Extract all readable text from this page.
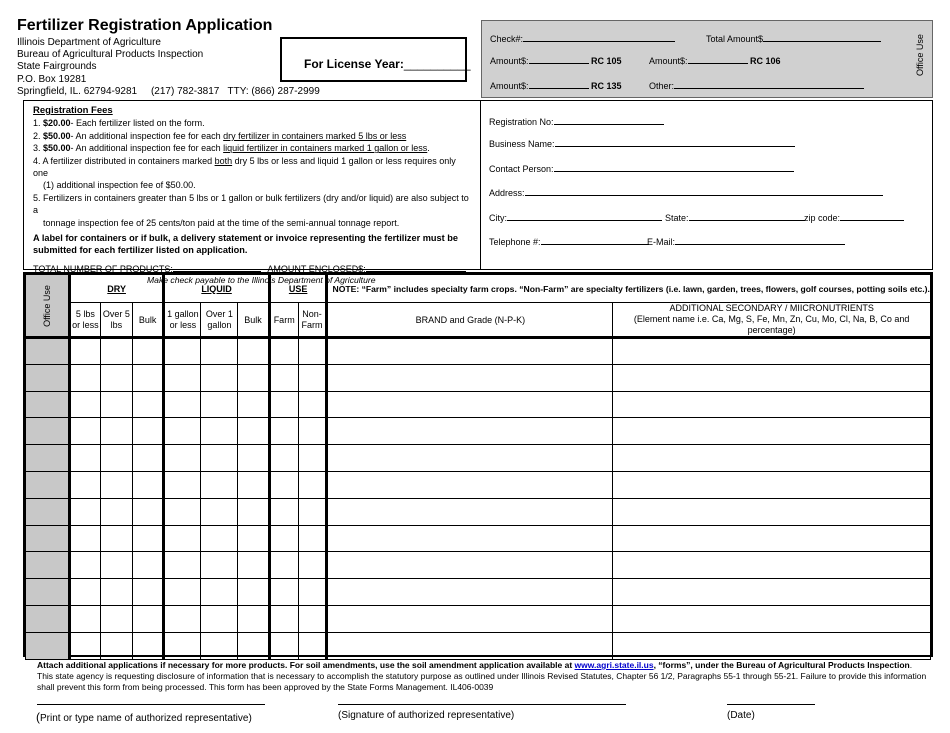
Fertilizer Registration Application
Illinois Department of Agriculture
Bureau of Agricultural Products Inspection
State Fairgrounds
P.O. Box 19281
Springfield, IL. 62794-9281     (217) 782-3817   TTY: (866) 287-2999
For License Year:__________
Check#:	Total Amount$
Amount$:	RC 105	Amount$:	RC 106
Amount$:	RC 135	Other:
Office Use
Registration Fees
1. $20.00- Each fertilizer listed on the form.
2. $50.00- An additional inspection fee for each dry fertilizer in containers marked 5 lbs or less
3. $50.00- An additional inspection fee for each liquid fertilizer in containers marked 1 gallon or less.
4. A fertilizer distributed in containers marked both dry 5 lbs or less and liquid 1 gallon or less requires only one
(1) additional inspection fee of $50.00.
5. Fertilizers in containers greater than 5 lbs or 1 gallon or bulk fertilizers (dry and/or liquid) are also subject to a
tonnage inspection fee of 25 cents/ton paid at the time of the semi-annual tonnage report.
A label for containers or if bulk, a delivery statement or invoice representing the fertilizer must be
submitted for each fertilizer listed on application.
TOTAL NUMBER OF PRODUCTS:	AMOUNT ENCLOSED$:
Make check payable to the Illinois Department of Agriculture
Registration No:
Business Name:
Contact Person:
Address:
City:	State:	zip code:
Telephone #:	E-Mail:
Office Use	DRY			LIQUID			USE		NOTE: “Farm” includes specialty farm crops. “Non-Farm” are specialty fertilizers (i.e. lawn, garden, trees, flowers, golf courses, potting soils etc.).	
	5 lbs or less	Over 5 lbs	Bulk	1 gallon or less	Over 1 gallon	Bulk	Farm	Non-Farm	BRAND and Grade (N-P-K)	ADDITIONAL SECONDARY / MIICRONUTRIENTS
(Element name i.e. Ca, Mg, S, Fe, Mn, Zn, Cu, Mo, Cl, Na, B, Co and percentage)

Attach additional applications if necessary for more products. For soil amendments, use the soil amendment application available at www.agri.state.il.us, “forms”, under the Bureau of Agricultural Products Inspection.
This state agency is requesting disclosure of information that is necessary to accomplish the statutory purpose as outlined under Illinois Revised Statutes, Chapter 56 1/2, Paragraphs 55-1 through 55-21. Failure to provide this information shall prevent this form from being processed. This form has been approved by the State Forms Management. IL406-0039
(Print or type name of authorized representative)	(Signature of authorized representative)	(Date)
